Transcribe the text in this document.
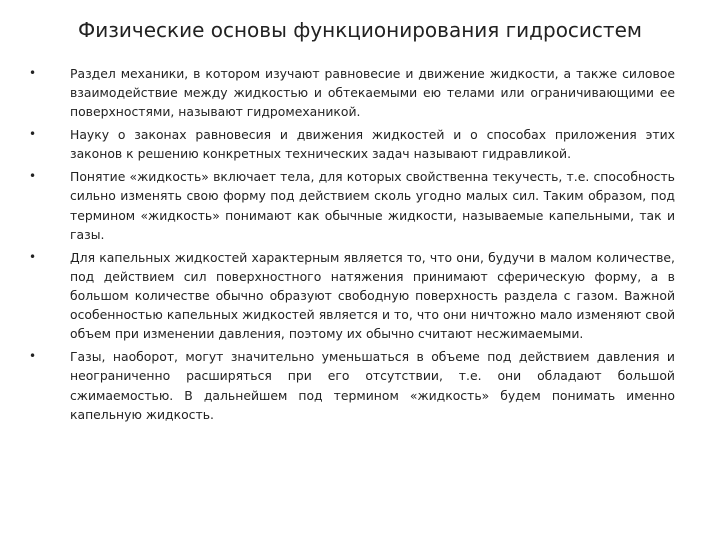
Физические основы функционирования гидросистем
•	Раздел механики, в котором изучают равновесие и движение жидкости, а также силовое взаимодействие между жидкостью и обтекаемыми ею телами или ограничивающими ее поверхностями, называют гидромеханикой.
•	Науку о законах равновесия и движения жидкостей и о способах приложения этих законов к решению конкретных технических задач называют гидравликой.
•	Понятие «жидкость» включает тела, для которых свойственна текучесть, т.е. способность сильно изменять свою форму под действием сколь угодно малых сил. Таким образом, под термином «жидкость» понимают как обычные жидкости, называемые капельными, так и газы.
•	Для капельных жидкостей характерным является то, что они, будучи в малом количестве, под действием сил поверхностного натяжения принимают сферическую форму, а в большом количестве обычно образуют свободную поверхность раздела с газом. Важной особенностью капельных жидкостей является и то, что они ничтожно мало изменяют свой объем при изменении давления, поэтому их обычно считают несжимаемыми.
•	Газы, наоборот, могут значительно уменьшаться в объеме под действием давления и неограниченно расширяться при его отсутствии, т.е. они обладают большой сжимаемостью. В дальнейшем под термином «жидкость» будем понимать именно капельную жидкость.
